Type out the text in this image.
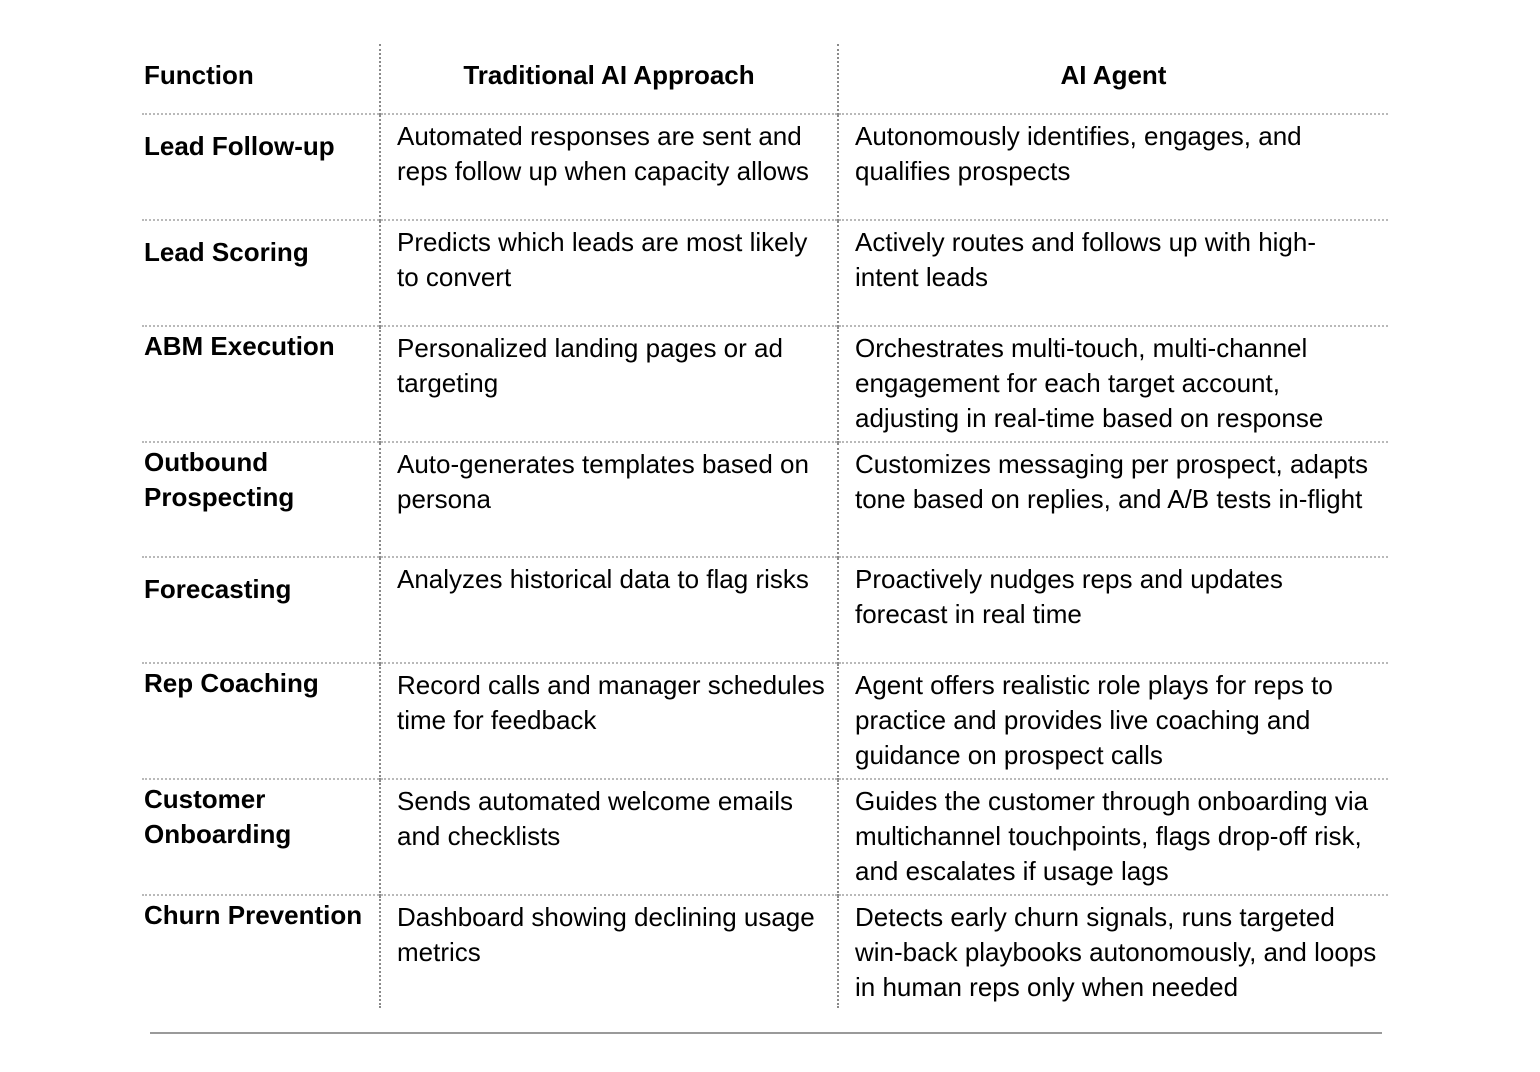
Function	Traditional AI Approach	AI Agent
Lead Follow-up	Automated responses are sent and reps follow up when capacity allows	Autonomously identifies, engages, and qualifies prospects
Lead Scoring	Predicts which leads are most likely to convert	Actively routes and follows up with high-intent leads
ABM Execution	Personalized landing pages or ad targeting	Orchestrates multi-touch, multi-channel engagement for each target account, adjusting in real-time based on response
Outbound Prospecting	Auto-generates templates based on persona	Customizes messaging per prospect, adapts tone based on replies, and A/B tests in-flight
Forecasting	Analyzes historical data to flag risks	Proactively nudges reps and updates forecast in real time
Rep Coaching	Record calls and manager schedules time for feedback	Agent offers realistic role plays for reps to practice and provides live coaching and guidance on prospect calls
Customer Onboarding	Sends automated welcome emails and checklists	Guides the customer through onboarding via multichannel touchpoints, flags drop-off risk, and escalates if usage lags
Churn Prevention	Dashboard showing declining usage metrics	Detects early churn signals, runs targeted win-back playbooks autonomously, and loops in human reps only when needed
